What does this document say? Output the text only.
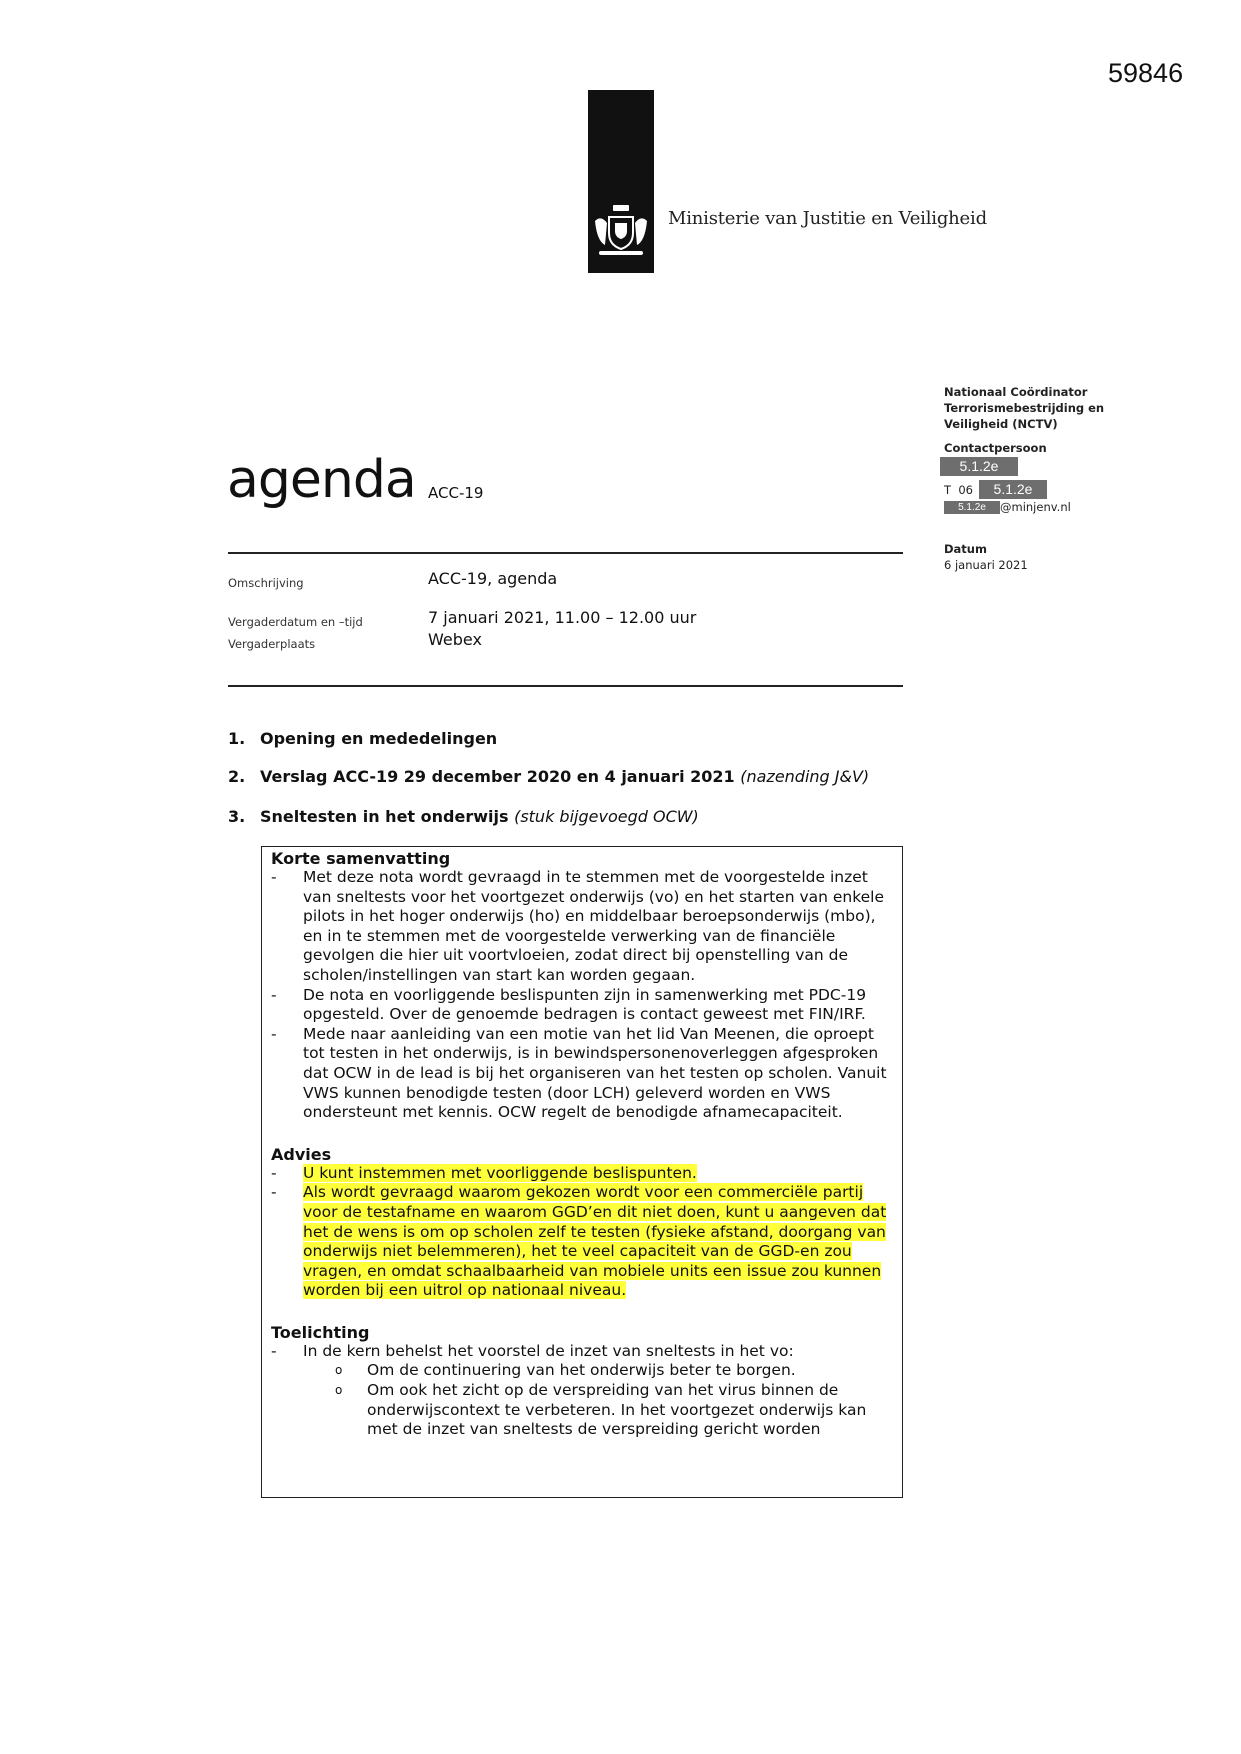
59846
Ministerie van Justitie en Veiligheid
Nationaal Coördinator
Terrorismebestrijding en
Veiligheid (NCTV)
Contactpersoon
5.1.2e
T  06	5.1.2e
5.1.2e	@minjenv.nl
Datum
6 januari 2021
agenda ACC-19
Omschrijving	ACC-19, agenda
Vergaderdatum en –tijd	7 januari 2021, 11.00 – 12.00 uur
Vergaderplaats	Webex
1. Opening en mededelingen
2. Verslag ACC-19 29 december 2020 en 4 januari 2021 (nazending J&V)
3. Sneltesten in het onderwijs (stuk bijgevoegd OCW)
Korte samenvatting
-	Met deze nota wordt gevraagd in te stemmen met de voorgestelde inzet van sneltests voor het voortgezet onderwijs (vo) en het starten van enkele pilots in het hoger onderwijs (ho) en middelbaar beroepsonderwijs (mbo), en in te stemmen met de voorgestelde verwerking van de financiële gevolgen die hier uit voortvloeien, zodat direct bij openstelling van de scholen/instellingen van start kan worden gegaan.
-	De nota en voorliggende beslispunten zijn in samenwerking met PDC-19 opgesteld. Over de genoemde bedragen is contact geweest met FIN/IRF.
-	Mede naar aanleiding van een motie van het lid Van Meenen, die oproept tot testen in het onderwijs, is in bewindspersonenoverleggen afgesproken dat OCW in de lead is bij het organiseren van het testen op scholen. Vanuit VWS kunnen benodigde testen (door LCH) geleverd worden en VWS ondersteunt met kennis. OCW regelt de benodigde afnamecapaciteit.
Advies
-	U kunt instemmen met voorliggende beslispunten.
-	Als wordt gevraagd waarom gekozen wordt voor een commerciële partij voor de testafname en waarom GGD’en dit niet doen, kunt u aangeven dat het de wens is om op scholen zelf te testen (fysieke afstand, doorgang van onderwijs niet belemmeren), het te veel capaciteit van de GGD-en zou vragen, en omdat schaalbaarheid van mobiele units een issue zou kunnen worden bij een uitrol op nationaal niveau.
Toelichting
-	In de kern behelst het voorstel de inzet van sneltests in het vo:
o	Om de continuering van het onderwijs beter te borgen.
o	Om ook het zicht op de verspreiding van het virus binnen de onderwijscontext te verbeteren. In het voortgezet onderwijs kan met de inzet van sneltests de verspreiding gericht worden
